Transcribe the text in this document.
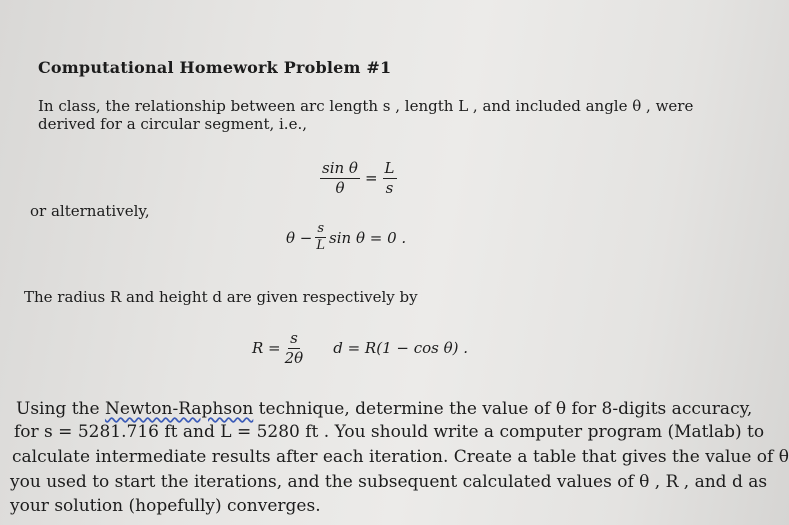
Computational Homework Problem #1
In class, the relationship between arc length s , length L , and included angle θ , were
derived for a circular segment, i.e.,
$\frac{\text{sin θ}}{\theta} = \frac{L}{s}$
or alternatively,
$\theta - \frac{s}{L}$ sin θ = 0 .
The radius R and height d are given respectively by
$R = \frac{s}{2\theta}$ d = R(1 − cos θ) .
Using the Newton-Raphson technique, determine the value of θ for 8-digits accuracy,
for s = 5281.716 ft and L = 5280 ft . You should write a computer program (Matlab) to
calculate intermediate results after each iteration. Create a table that gives the value of θ
you used to start the iterations, and the subsequent calculated values of θ , R , and d as
your solution (hopefully) converges.
